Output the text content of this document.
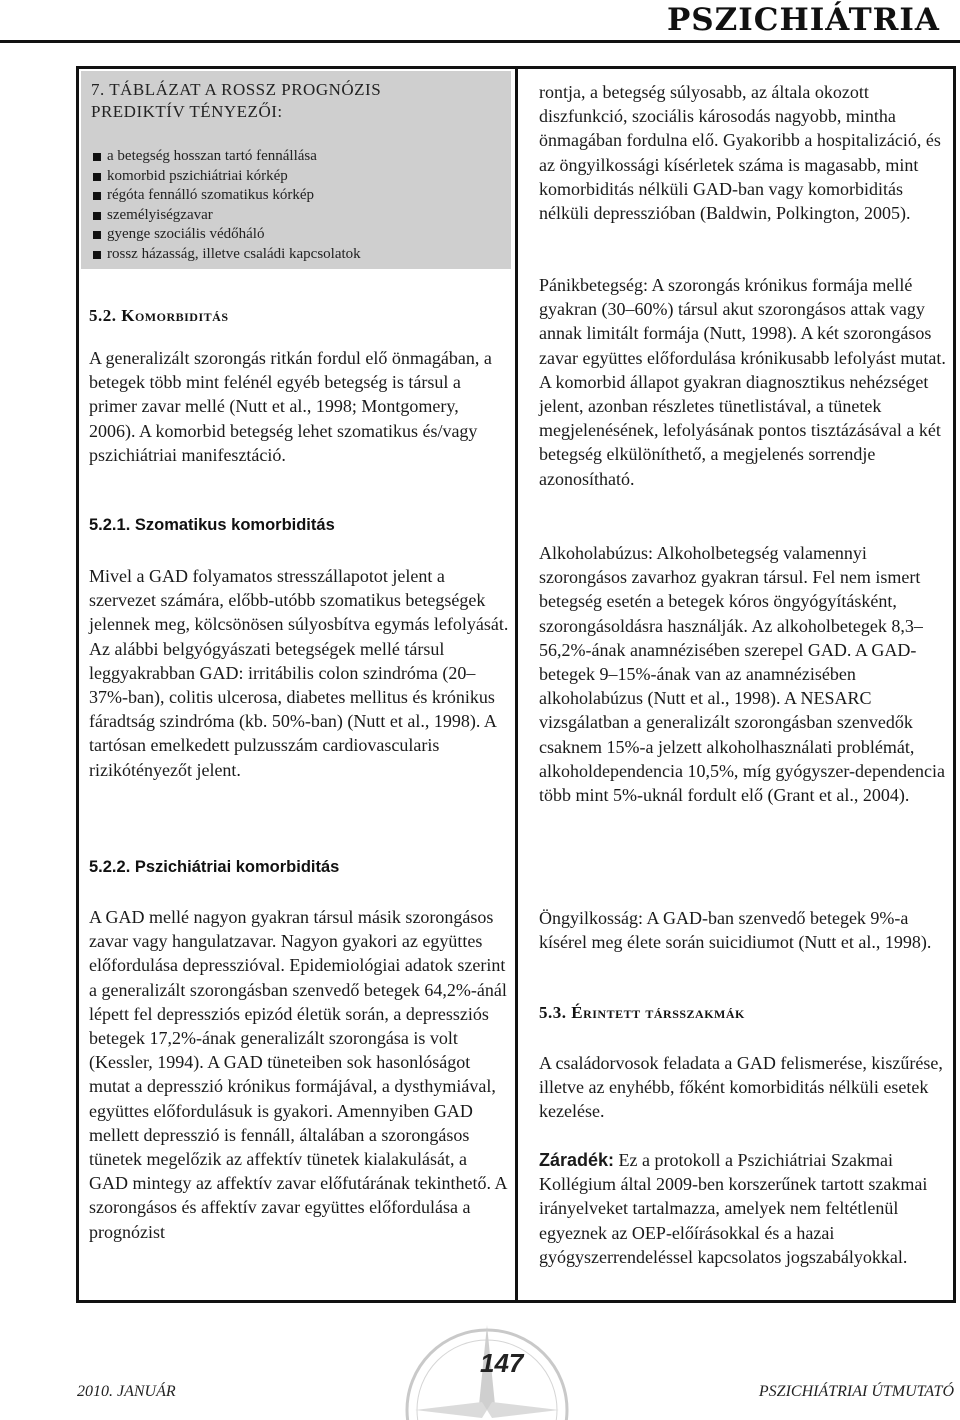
PSZICHIÁTRIA
7. TÁBLÁZAT A ROSSZ PROGNÓZIS
PREDIKTÍV TÉNYEZŐI:
a betegség hosszan tartó fennállása
komorbid pszichiátriai kórkép
régóta fennálló szomatikus kórkép
személyiségzavar
gyenge szociális védőháló
rossz házasság, illetve családi kapcsolatok
5.2. Komorbiditás
A generalizált szorongás ritkán fordul elő önmagában, a betegek több mint felénél egyéb betegség is társul a primer zavar mellé (Nutt et al., 1998; Montgomery, 2006). A komorbid betegség lehet szomatikus és/vagy pszichiátriai manifesztáció.
5.2.1. Szomatikus komorbiditás
Mivel a GAD folyamatos stresszállapotot jelent a szervezet számára, előbb-utóbb szomatikus betegségek jelennek meg, kölcsönösen súlyosbítva egymás lefolyását. Az alábbi belgyógyászati betegségek mellé társul leggyakrabban GAD: irritábilis colon szindróma (20–37%-ban), colitis ulcerosa, diabetes mellitus és krónikus fáradtság szindróma (kb. 50%-ban) (Nutt et al., 1998). A tartósan emelkedett pulzusszám cardiovascularis rizikótényezőt jelent.
5.2.2. Pszichiátriai komorbiditás
A GAD mellé nagyon gyakran társul másik szorongásos zavar vagy hangulatzavar. Nagyon gyakori az együttes előfordulása depresszióval. Epidemiológiai adatok szerint a generalizált szorongásban szenvedő betegek 64,2%-ánál lépett fel depressziós epizód életük során, a depressziós betegek 17,2%-ának generalizált szorongása is volt (Kessler, 1994). A GAD tüneteiben sok hasonlóságot mutat a depresszió krónikus formájával, a dysthymiával, együttes előfordulásuk is gyakori. Amennyiben GAD mellett depresszió is fennáll, általában a szorongásos tünetek megelőzik az affektív tünetek kialakulását, a GAD mintegy az affektív zavar előfutárának tekinthető. A szorongásos és affektív zavar együttes előfordulása a prognózist
rontja, a betegség súlyosabb, az általa okozott diszfunkció, szociális károsodás nagyobb, mintha önmagában fordulna elő. Gyakoribb a hospitalizáció, és az öngyilkossági kísérletek száma is magasabb, mint komorbiditás nélküli GAD-ban vagy komorbiditás nélküli depresszióban (Baldwin, Polkington, 2005).
Pánikbetegség: A szorongás krónikus formája mellé gyakran (30–60%) társul akut szorongásos attak vagy annak limitált formája (Nutt, 1998). A két szorongásos zavar együttes előfordulása krónikusabb lefolyást mutat. A komorbid állapot gyakran diagnosztikus nehézséget jelent, azonban részletes tünetlistával, a tünetek megjelenésének, lefolyásának pontos tisztázásával a két betegség elkülöníthető, a megjelenés sorrendje azonosítható.
Alkoholabúzus: Alkoholbetegség valamennyi szorongásos zavarhoz gyakran társul. Fel nem ismert betegség esetén a betegek kóros öngyógyításként, szorongásoldásra használják. Az alkoholbetegek 8,3–56,2%-ának anamnézisében szerepel GAD. A GAD-betegek 9–15%-ának van az anamnézisében alkoholabúzus (Nutt et al., 1998). A NESARC vizsgálatban a generalizált szorongásban szenvedők csaknem 15%-a jelzett alkoholhasználati problémát, alkoholdependencia 10,5%, míg gyógyszer-dependencia több mint 5%-uknál fordult elő (Grant et al., 2004).
Öngyilkosság: A GAD-ban szenvedő betegek 9%-a kísérel meg élete során suicidiumot (Nutt et al., 1998).
5.3. Érintett társszakmák
A családorvosok feladata a GAD felismerése, kiszűrése, illetve az enyhébb, főként komorbiditás nélküli esetek kezelése.
Záradék: Ez a protokoll a Pszichiátriai Szakmai Kollégium által 2009-ben korszerűnek tartott szakmai irányelveket tartalmazza, amelyek nem feltétlenül egyeznek az OEP-előírásokkal és a hazai gyógyszerrendeléssel kapcsolatos jogszabályokkal.
2010. JANUÁR
147
PSZICHIÁTRIAI ÚTMUTATÓ
